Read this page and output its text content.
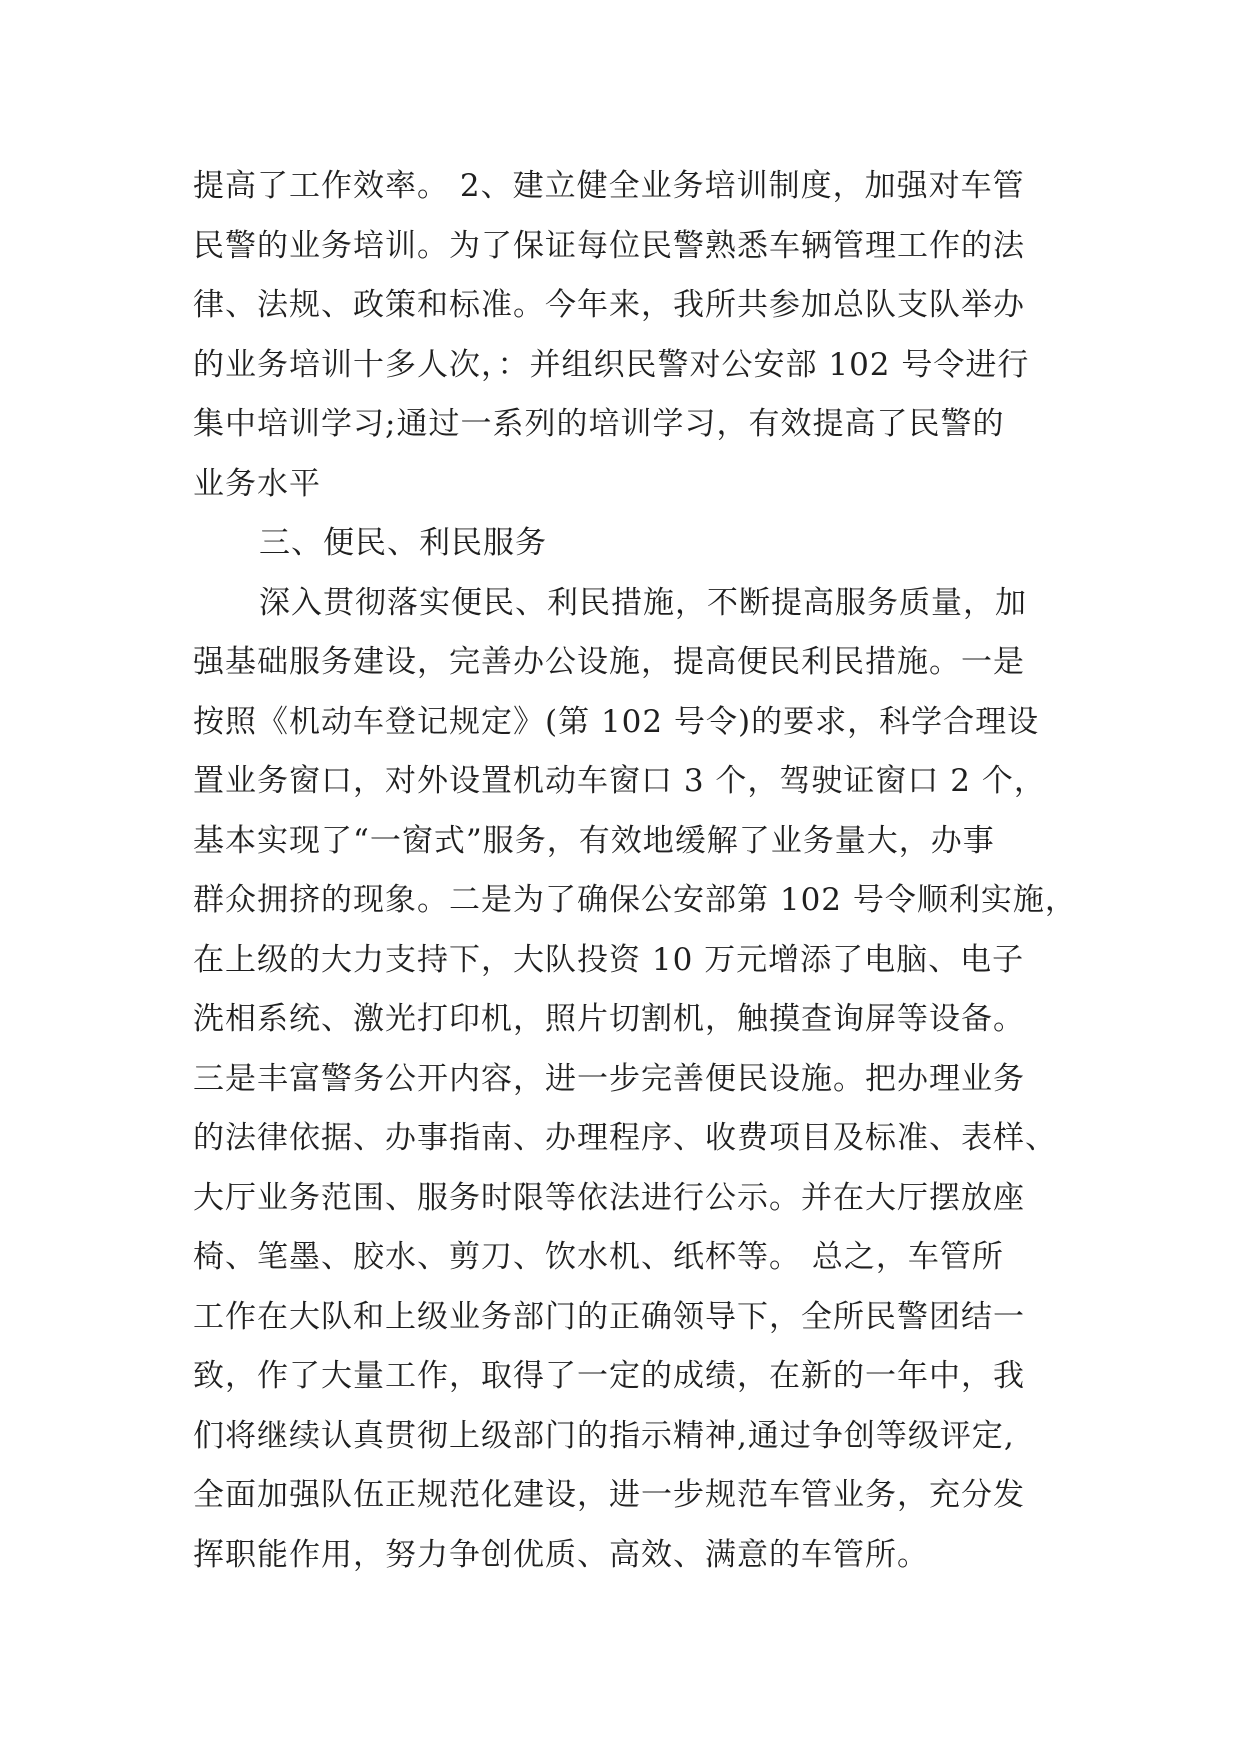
提高了工作效率。 2、建立健全业务培训制度，加强对车管
民警的业务培训。为了保证每位民警熟悉车辆管理工作的法
律、法规、政策和标准。今年来，我所共参加总队支队举办
的业务培训十多人次，：并组织民警对公安部 102 号令进行
集中培训学习;通过一系列的培训学习，有效提高了民警的
业务水平
三、便民、利民服务
深入贯彻落实便民、利民措施，不断提高服务质量，加
强基础服务建设，完善办公设施，提高便民利民措施。一是
按照《机动车登记规定》(第 102 号令)的要求，科学合理设
置业务窗口，对外设置机动车窗口 3 个，驾驶证窗口 2 个，
基本实现了“一窗式”服务，有效地缓解了业务量大，办事
群众拥挤的现象。二是为了确保公安部第 102 号令顺利实施，
在上级的大力支持下，大队投资 10 万元增添了电脑、电子
洗相系统、激光打印机，照片切割机，触摸查询屏等设备。
三是丰富警务公开内容，进一步完善便民设施。把办理业务
的法律依据、办事指南、办理程序、收费项目及标准、表样、
大厅业务范围、服务时限等依法进行公示。并在大厅摆放座
椅、笔墨、胶水、剪刀、饮水机、纸杯等。 总之，车管所
工作在大队和上级业务部门的正确领导下，全所民警团结一
致，作了大量工作，取得了一定的成绩，在新的一年中，我
们将继续认真贯彻上级部门的指示精神,通过争创等级评定,
全面加强队伍正规范化建设，进一步规范车管业务，充分发
挥职能作用，努力争创优质、高效、满意的车管所。
